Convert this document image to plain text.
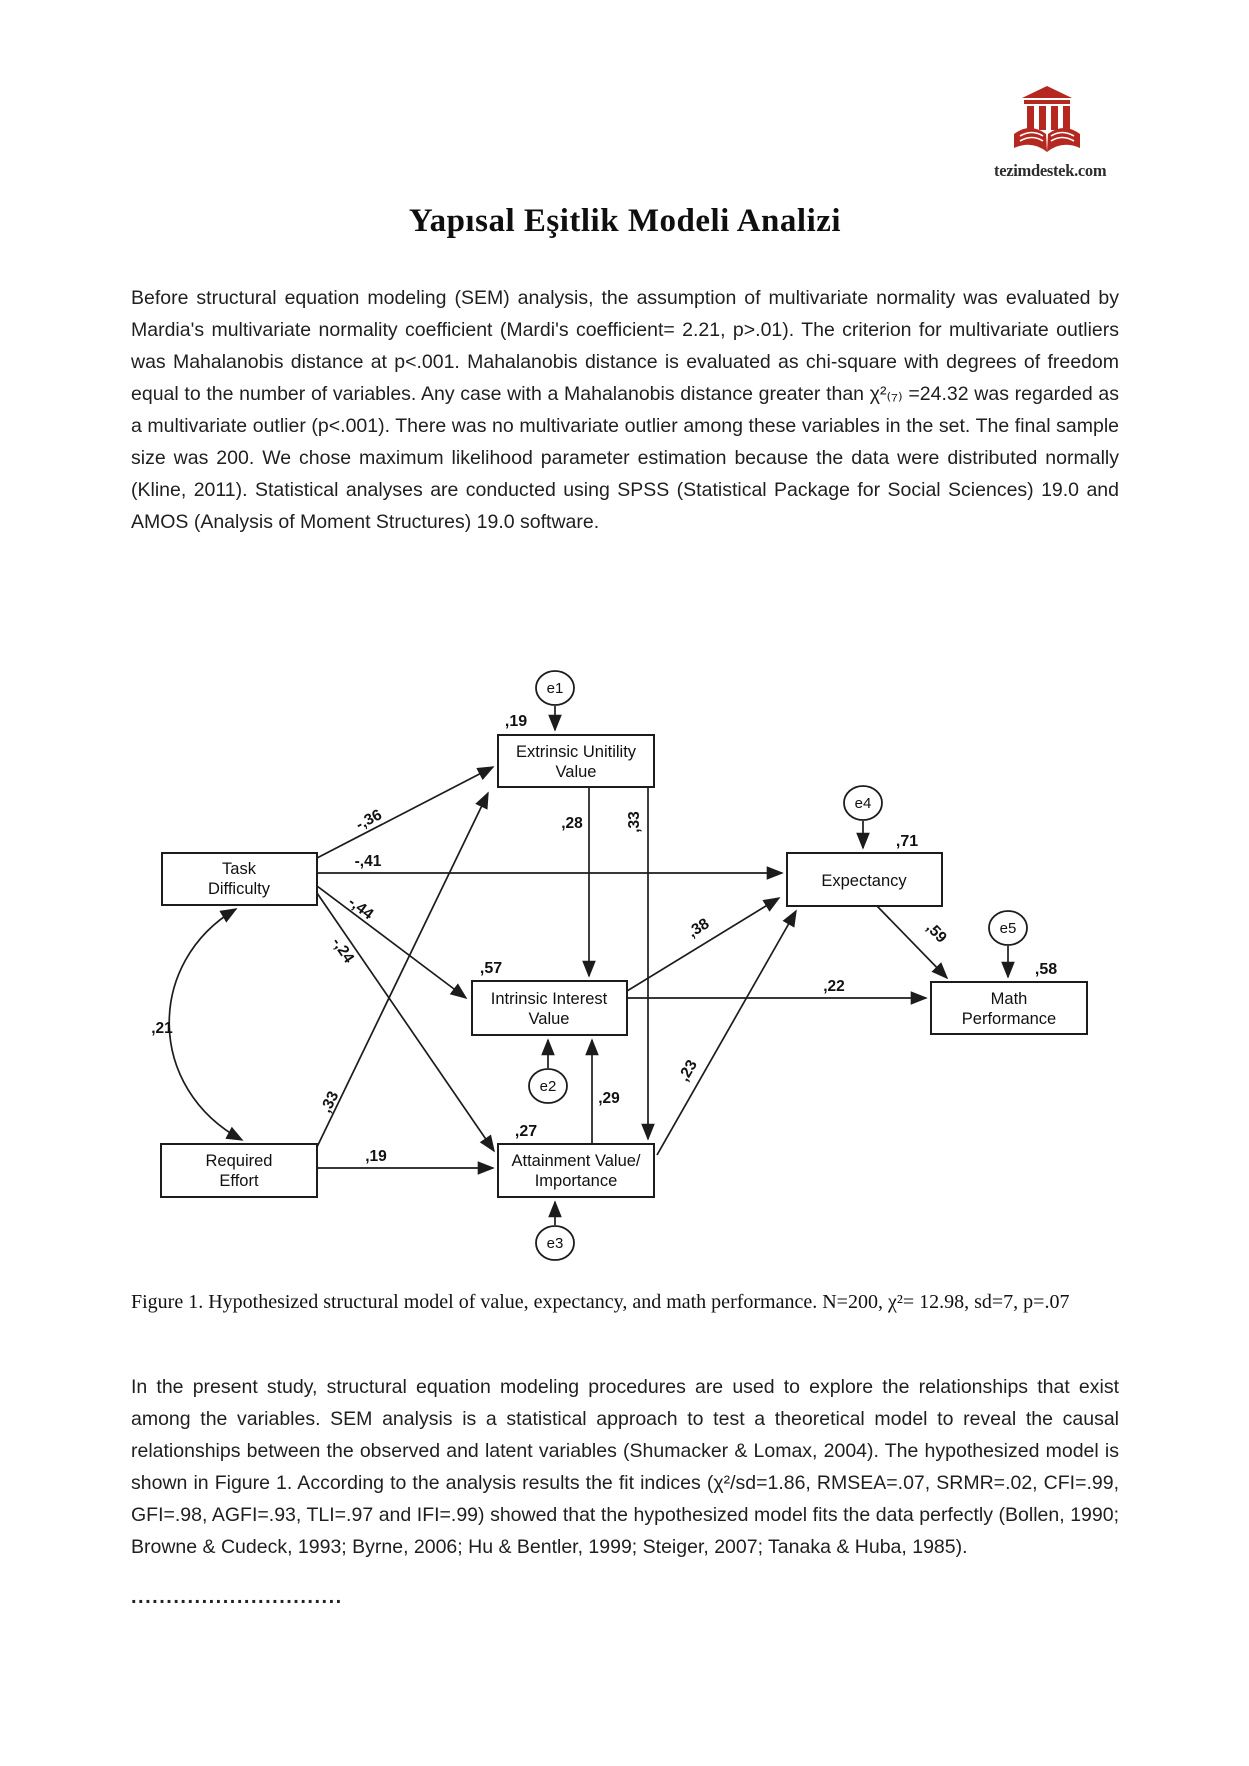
tezimdestek.com
Yapısal Eşitlik Modeli Analizi
Before structural equation modeling (SEM) analysis, the assumption of multivariate normality was evaluated by Mardia's multivariate normality coefficient (Mardi's coefficient= 2.21, p>.01). The criterion for multivariate outliers was Mahalanobis distance at p<.001. Mahalanobis distance is evaluated as chi-square with degrees of freedom equal to the number of variables. Any case with a Mahalanobis distance greater than χ²₍₇₎ =24.32 was regarded as a multivariate outlier (p<.001). There was no multivariate outlier among these variables in the set. The final sample size was 200. We chose maximum likelihood parameter estimation because the data were distributed normally (Kline, 2011). Statistical analyses are conducted using SPSS (Statistical Package for Social Sciences) 19.0 and AMOS (Analysis of Moment Structures) 19.0 software.
Task
Difficulty
Required
Effort
Extrinsic Unitility
Value
Intrinsic Interest
Value
Attainment Value/
Importance
Expectancy
Math
Performance
e1
e2
e3
e4
e5
,19
,71
,57
,27
,58
-,36
-,41
-,44
-,24
,33
,19
,28	,33
,29
,38
,22
,23
,59
,21
Figure 1. Hypothesized structural model of value, expectancy, and math performance. N=200, χ²= 12.98, sd=7, p=.07
In the present study, structural equation modeling procedures are used to explore the relationships that exist among the variables. SEM analysis is a statistical approach to test a theoretical model to reveal the causal relationships between the observed and latent variables (Shumacker & Lomax, 2004). The hypothesized model is shown in Figure 1. According to the analysis results the fit indices (χ²/sd=1.86, RMSEA=.07, SRMR=.02, CFI=.99, GFI=.98, AGFI=.93, TLI=.97 and IFI=.99) showed that the hypothesized model fits the data perfectly (Bollen, 1990; Browne & Cudeck, 1993; Byrne, 2006; Hu & Bentler, 1999; Steiger, 2007; Tanaka & Huba, 1985).
..............................
